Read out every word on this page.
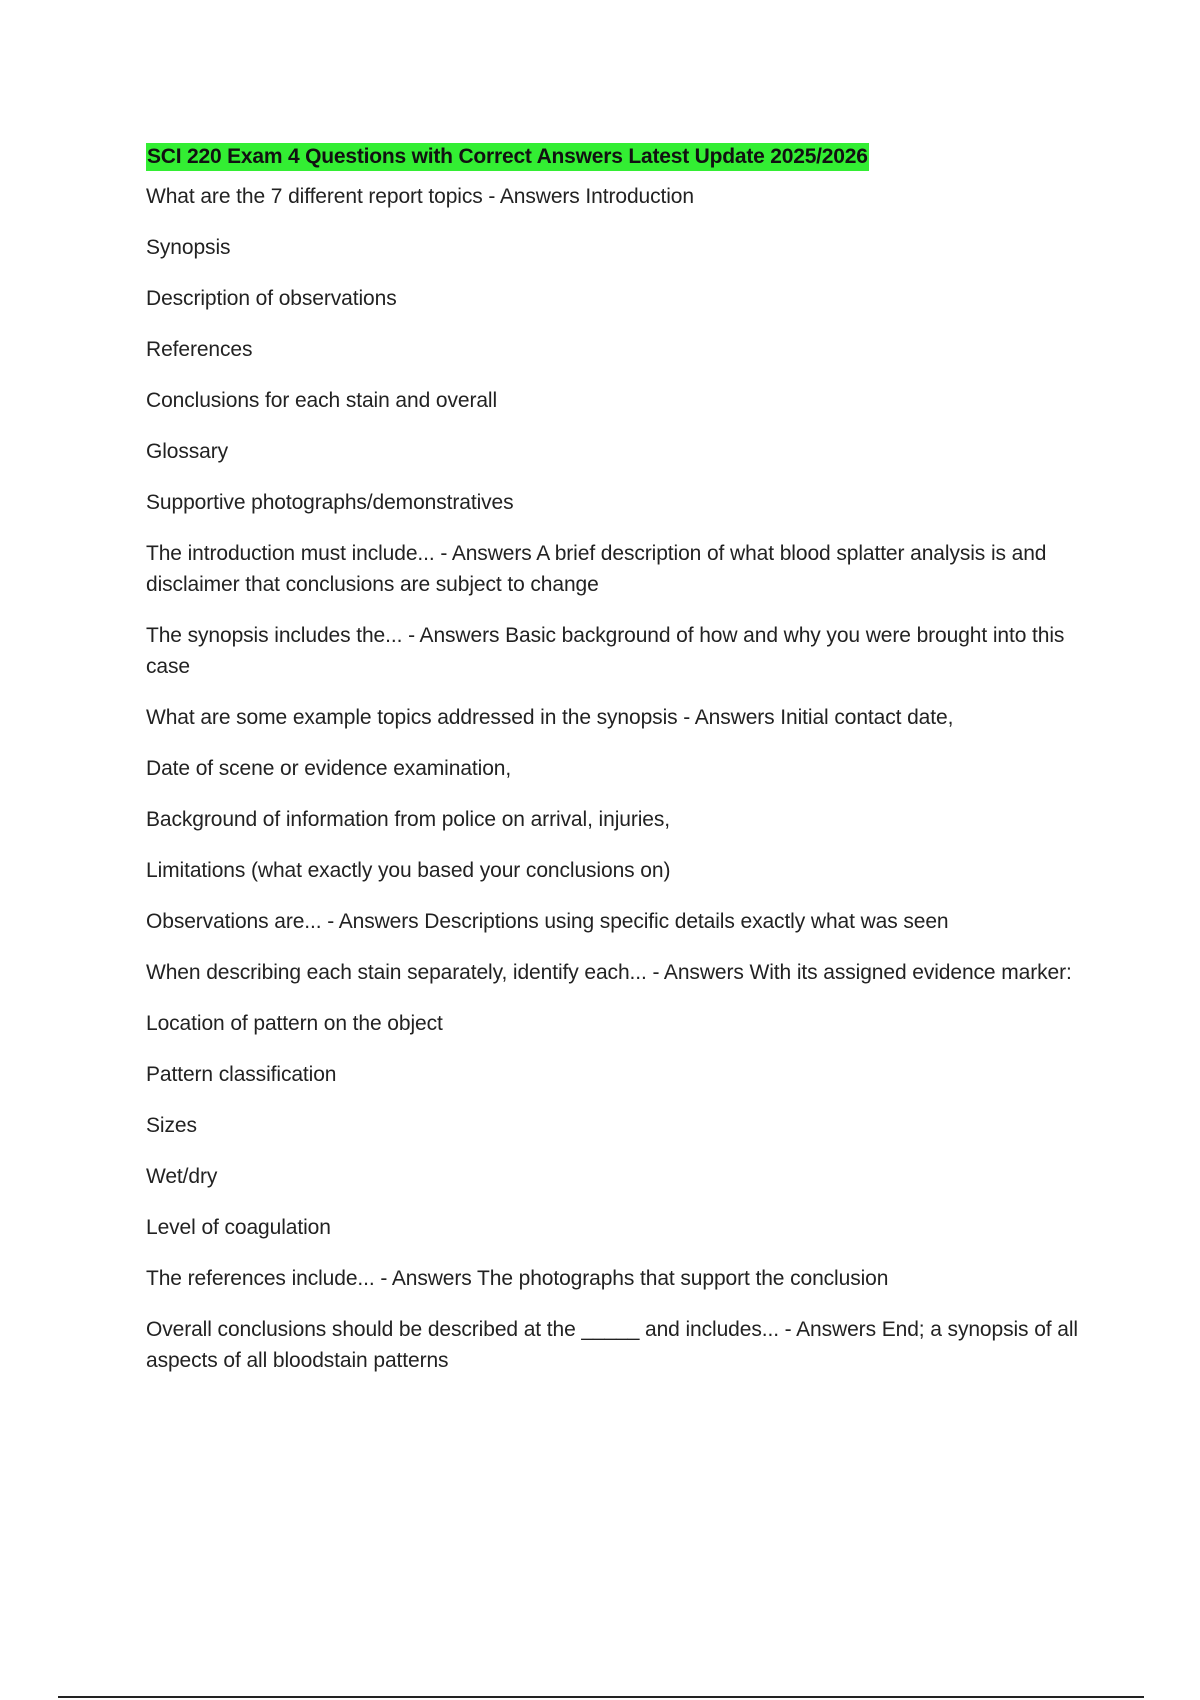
SCI 220 Exam 4 Questions with Correct Answers Latest Update 2025/2026

What are the 7 different report topics - Answers Introduction

Synopsis

Description of observations

References

Conclusions for each stain and overall

Glossary

Supportive photographs/demonstratives

The introduction must include... - Answers A brief description of what blood splatter analysis is and disclaimer that conclusions are subject to change

The synopsis includes the... - Answers Basic background of how and why you were brought into this case

What are some example topics addressed in the synopsis - Answers Initial contact date,

Date of scene or evidence examination,

Background of information from police on arrival, injuries,

Limitations (what exactly you based your conclusions on)

Observations are... - Answers Descriptions using specific details exactly what was seen

When describing each stain separately, identify each... - Answers With its assigned evidence marker:

Location of pattern on the object

Pattern classification

Sizes

Wet/dry

Level of coagulation

The references include... - Answers The photographs that support the conclusion

Overall conclusions should be described at the _____ and includes... - Answers End; a synopsis of all aspects of all bloodstain patterns
